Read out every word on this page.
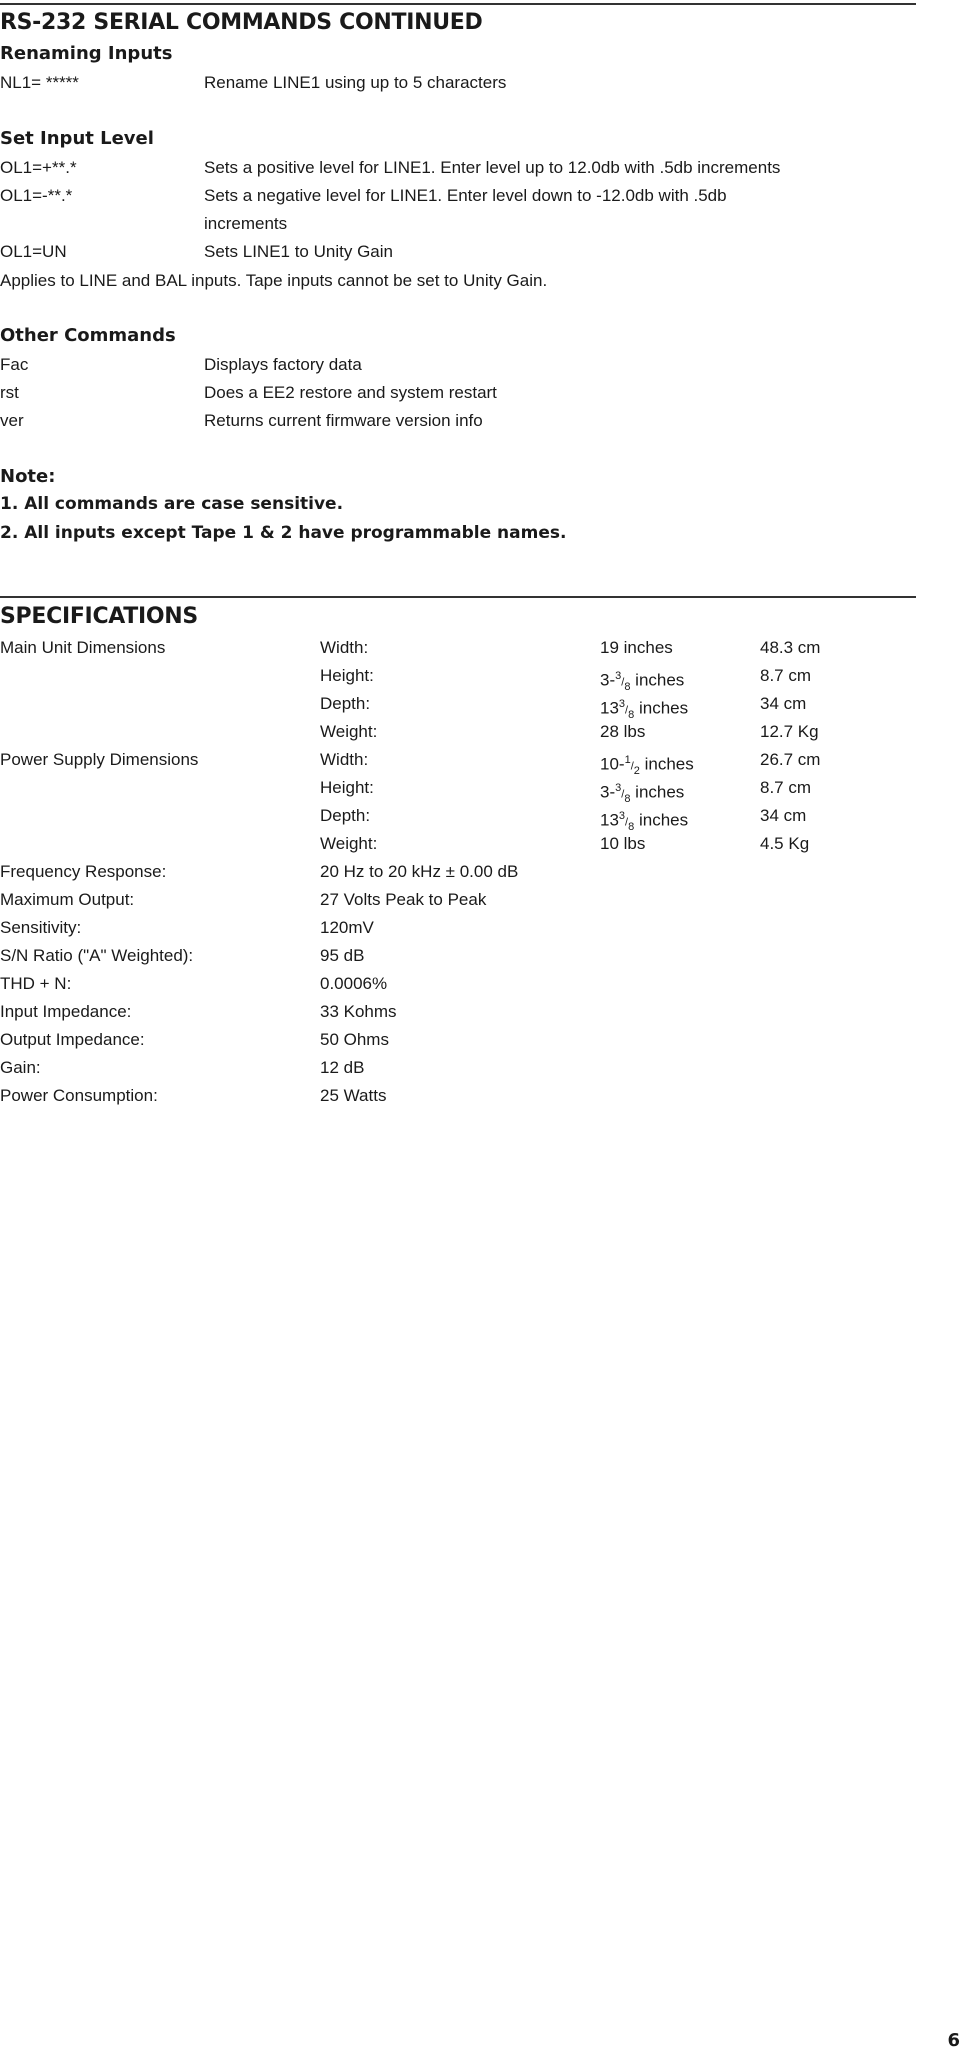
RS-232 SERIAL COMMANDS CONTINUED
Renaming Inputs
NL1= *****	Rename LINE1 using up to 5 characters
Set Input Level
OL1=+**.*	Sets a positive level for LINE1. Enter level up to 12.0db with .5db increments
OL1=-**.*	Sets a negative level for LINE1. Enter level down to -12.0db with .5db
increments
OL1=UN	Sets LINE1 to Unity Gain
Applies to LINE and BAL inputs. Tape inputs cannot be set to Unity Gain.
Other Commands
Fac	Displays factory data
rst	Does a EE2 restore and system restart
ver	Returns current firmware version info
Note:
1. All commands are case sensitive.
2. All inputs except Tape 1 & 2 have programmable names.
SPECIFICATIONS
Main Unit Dimensions	Width:	19 inches	48.3 cm
Height:	$3-^3/_8$ inches	8.7 cm
Depth:	$13^3/_8$ inches	34 cm
Weight:	28 lbs	12.7 Kg
Power Supply Dimensions	Width:	$10-^1/_2$ inches	26.7 cm
Height:	$3-^3/_8$ inches	8.7 cm
Depth:	$13^3/_8$ inches	34 cm
Weight:	10 lbs	4.5 Kg
Frequency Response:	20 Hz to 20 kHz ± 0.00 dB
Maximum Output:	27 Volts Peak to Peak
Sensitivity:	120mV
S/N Ratio ("A" Weighted):	95 dB
THD + N:	0.0006%
Input Impedance:	33 Kohms
Output Impedance:	50 Ohms
Gain:	12 dB
Power Consumption:	25 Watts
6
